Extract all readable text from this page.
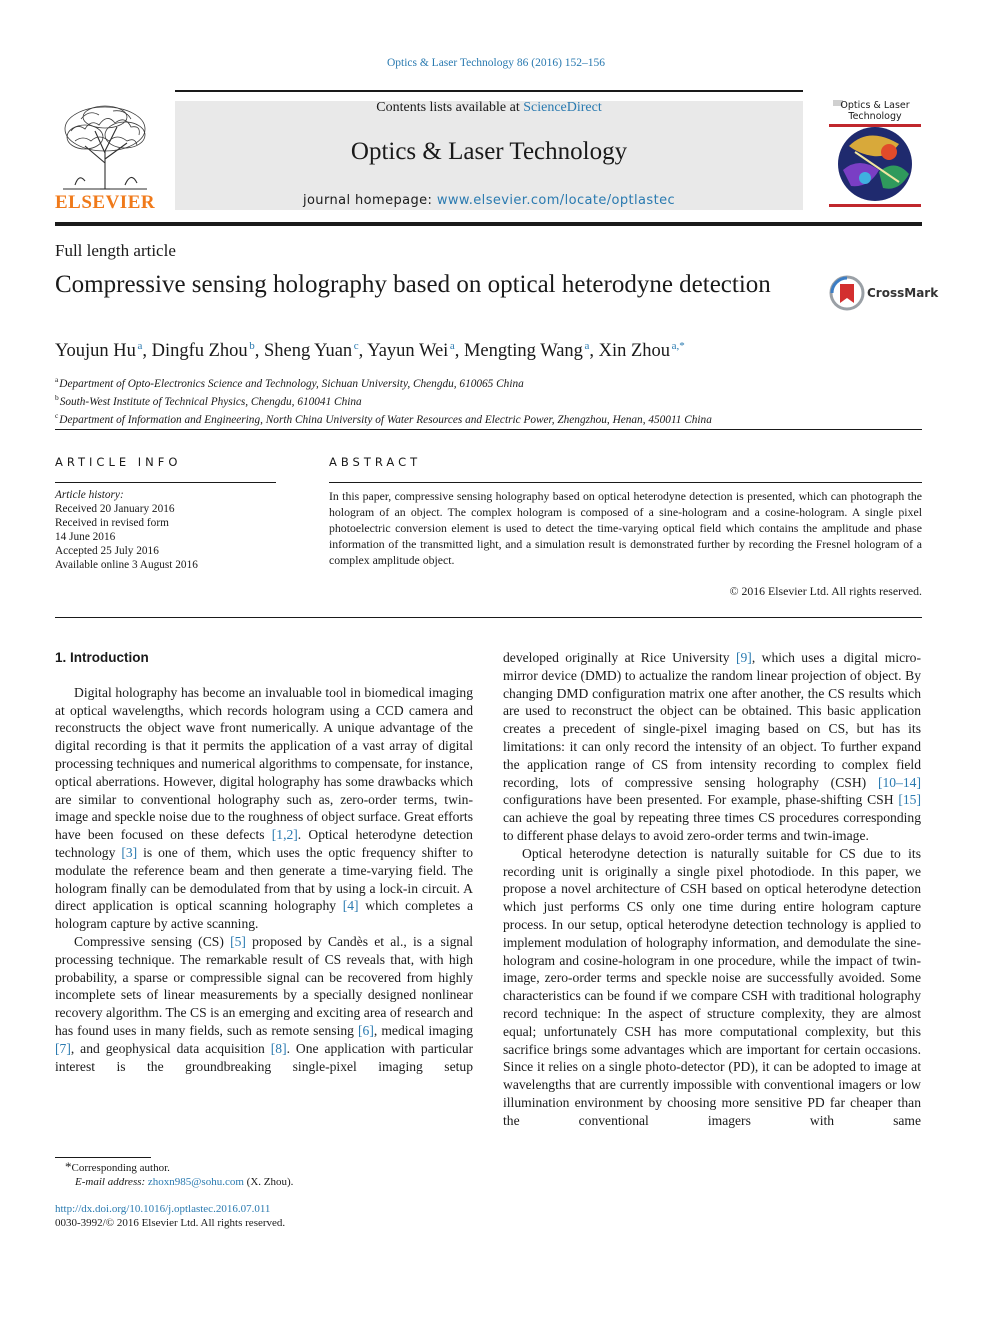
Optics & Laser Technology 86 (2016) 152–156
Contents lists available at ScienceDirect
Optics & Laser Technology
journal homepage: www.elsevier.com/locate/optlastec
ELSEVIER
Optics & Laser
Technology
Full length article
Compressive sensing holography based on optical heterodyne detection	CrossMark
Youjun Hu  $^a$, Dingfu Zhou  $^b$, Sheng Yuan  $^c$, Yayun Wei  $^a$, Mengting Wang  $^a$, Xin Zhou  $^{a,*}$
$^a$ Department of Opto-Electronics Science and Technology, Sichuan University, Chengdu, 610065 China
$^b$ South-West Institute of Technical Physics, Chengdu, 610041 China
$^c$ Department of Information and Engineering, North China University of Water Resources and Electric Power, Zhengzhou, Henan, 450011 China
ARTICLE INFO
Article history:
Received 20 January 2016
Received in revised form
14 June 2016
Accepted 25 July 2016
Available online 3 August 2016
ABSTRACT
In this paper, compressive sensing holography based on optical heterodyne detection is presented, which can photograph the hologram of an object. The complex hologram is composed of a sine-hologram and a cosine-hologram. A single pixel photoelectric conversion element is used to detect the time-varying optical field which contains the amplitude and phase information of the transmitted light, and a simulation result is demonstrated further by recording the Fresnel hologram of a complex amplitude object.
© 2016 Elsevier Ltd. All rights reserved.

1. Introduction

Digital holography has become an invaluable tool in biomedical imaging at optical wavelengths, which records hologram using a CCD camera and reconstructs the object wave front numerically. A unique advantage of the digital recording is that it permits the application of a vast array of digital processing techniques and numerical algorithms to compensate, for instance, optical aberrations. However, digital holography has some drawbacks which are similar to conventional holography such as, zero-order terms, twin-image and speckle noise due to the roughness of object surface. Great efforts have been focused on these defects [1,2]. Optical heterodyne detection technology [3] is one of them, which uses the optic frequency shifter to modulate the reference beam and then generate a time-varying field. The hologram finally can be demodulated from that by using a lock-in circuit. A direct application is optical scanning holography [4] which completes a hologram capture by active scanning.

Compressive sensing (CS) [5] proposed by Candès et al., is a signal processing technique. The remarkable result of CS reveals that, with high probability, a sparse or compressible signal can be recovered from highly incomplete sets of linear measurements by a specially designed nonlinear recovery algorithm. The CS is an emerging and exciting area of research and has found uses in many fields, such as remote sensing [6], medical imaging [7], and geophysical data acquisition [8]. One application with particular interest is the groundbreaking single-pixel imaging setup

developed originally at Rice University [9], which uses a digital micro-mirror device (DMD) to actualize the random linear projection of object. By changing DMD configuration matrix one after another, the CS results which are used to reconstruct the object can be obtained. This basic application creates a precedent of single-pixel imaging based on CS, but has its limitations: it can only record the intensity of an object. To further expand the application range of CS from intensity recording to complex field recording, lots of compressive sensing holography (CSH) [10–14] configurations have been presented. For example, phase-shifting CSH [15] can achieve the goal by repeating three times CS procedures corresponding to different phase delays to avoid zero-order terms and twin-image.

Optical heterodyne detection is naturally suitable for CS due to its recording unit is originally a single pixel photodiode. In this paper, we propose a novel architecture of CSH based on optical heterodyne detection which just performs CS only one time during entire hologram capture process. In our setup, optical heterodyne detection technology is applied to implement modulation of holography information, and demodulate the sine-hologram and cosine-hologram in one procedure, while the impact of twin-image, zero-order terms and speckle noise are successfully avoided. Some characteristics can be found if we compare CSH with traditional holography record technique: In the aspect of structure complexity, they are almost equal; unfortunately CSH has more computational complexity, but this sacrifice brings some advantages which are important for certain occasions. Since it relies on a single photo-detector (PD), it can be adopted to image at wavelengths that are currently impossible with conventional imagers or low illumination environment by choosing more sensitive PD far cheaper than the conventional imagers with same

*Corresponding author.
E-mail address: zhoxn985@sohu.com (X. Zhou).
http://dx.doi.org/10.1016/j.optlastec.2016.07.011
0030-3992/© 2016 Elsevier Ltd. All rights reserved.
